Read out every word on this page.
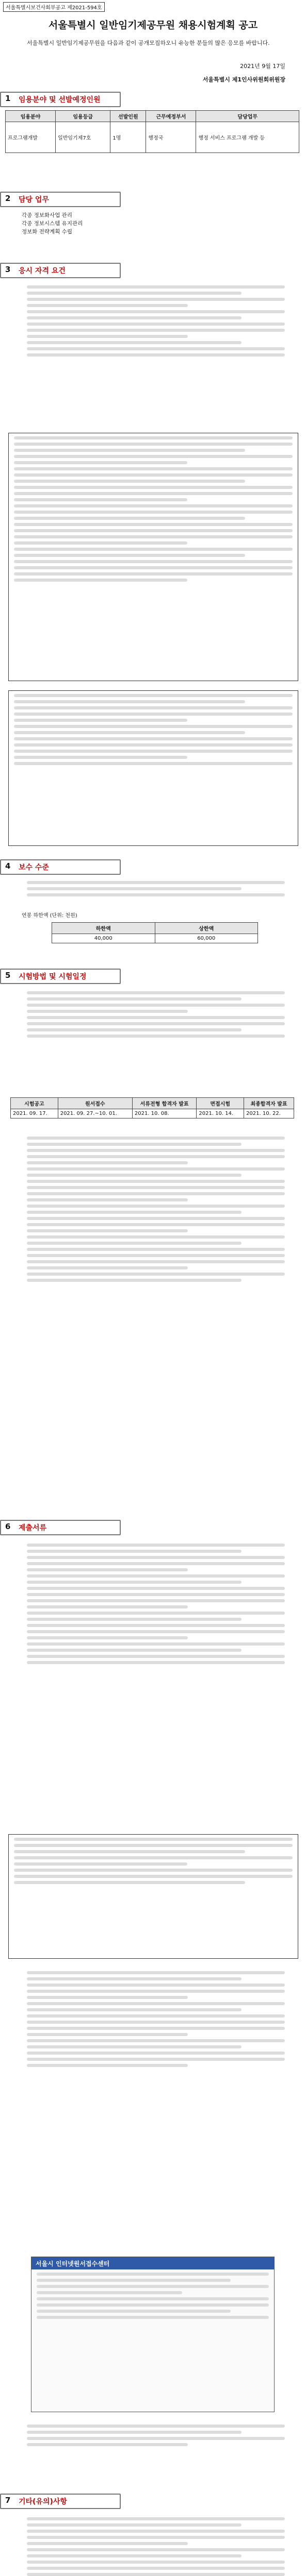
서울특별시보건사회부공고 제2021-594호
서울특별시 일반임기제공무원 채용시험계획 공고
서울특별시 일반임기제공무원을 다음과 같이 공개모집하오니 유능한 분들의 많은 응모를 바랍니다.
2021년 9월 17일
서울특별시 제1인사위원회위원장
1 임용분야 및 선발예정인원
임용분야	임용등급	선발인원	근무예정부서	담당업무
프로그램개발	일반임기제7호	1명	행정국	행정 서비스 프로그램 개발 등
2 담당 업무
각종 정보화사업 관리
각종 정보시스템 유지관리
정보화 전략계획 수립
3 응시 자격 요건
4 보수 수준
연봉 하한액 (단위: 천원)
하한액	상한액
40,000	60,000
5 시험방법 및 시험일정
시험공고	원서접수	서류전형 합격자 발표	면접시험	최종합격자 발표
2021. 09. 17.	2021. 09. 27.~10. 01.	2021. 10. 08.	2021. 10. 14.	2021. 10. 22.
6 제출서류
서울시 인터넷원서접수센터
7 기타(유의)사항
